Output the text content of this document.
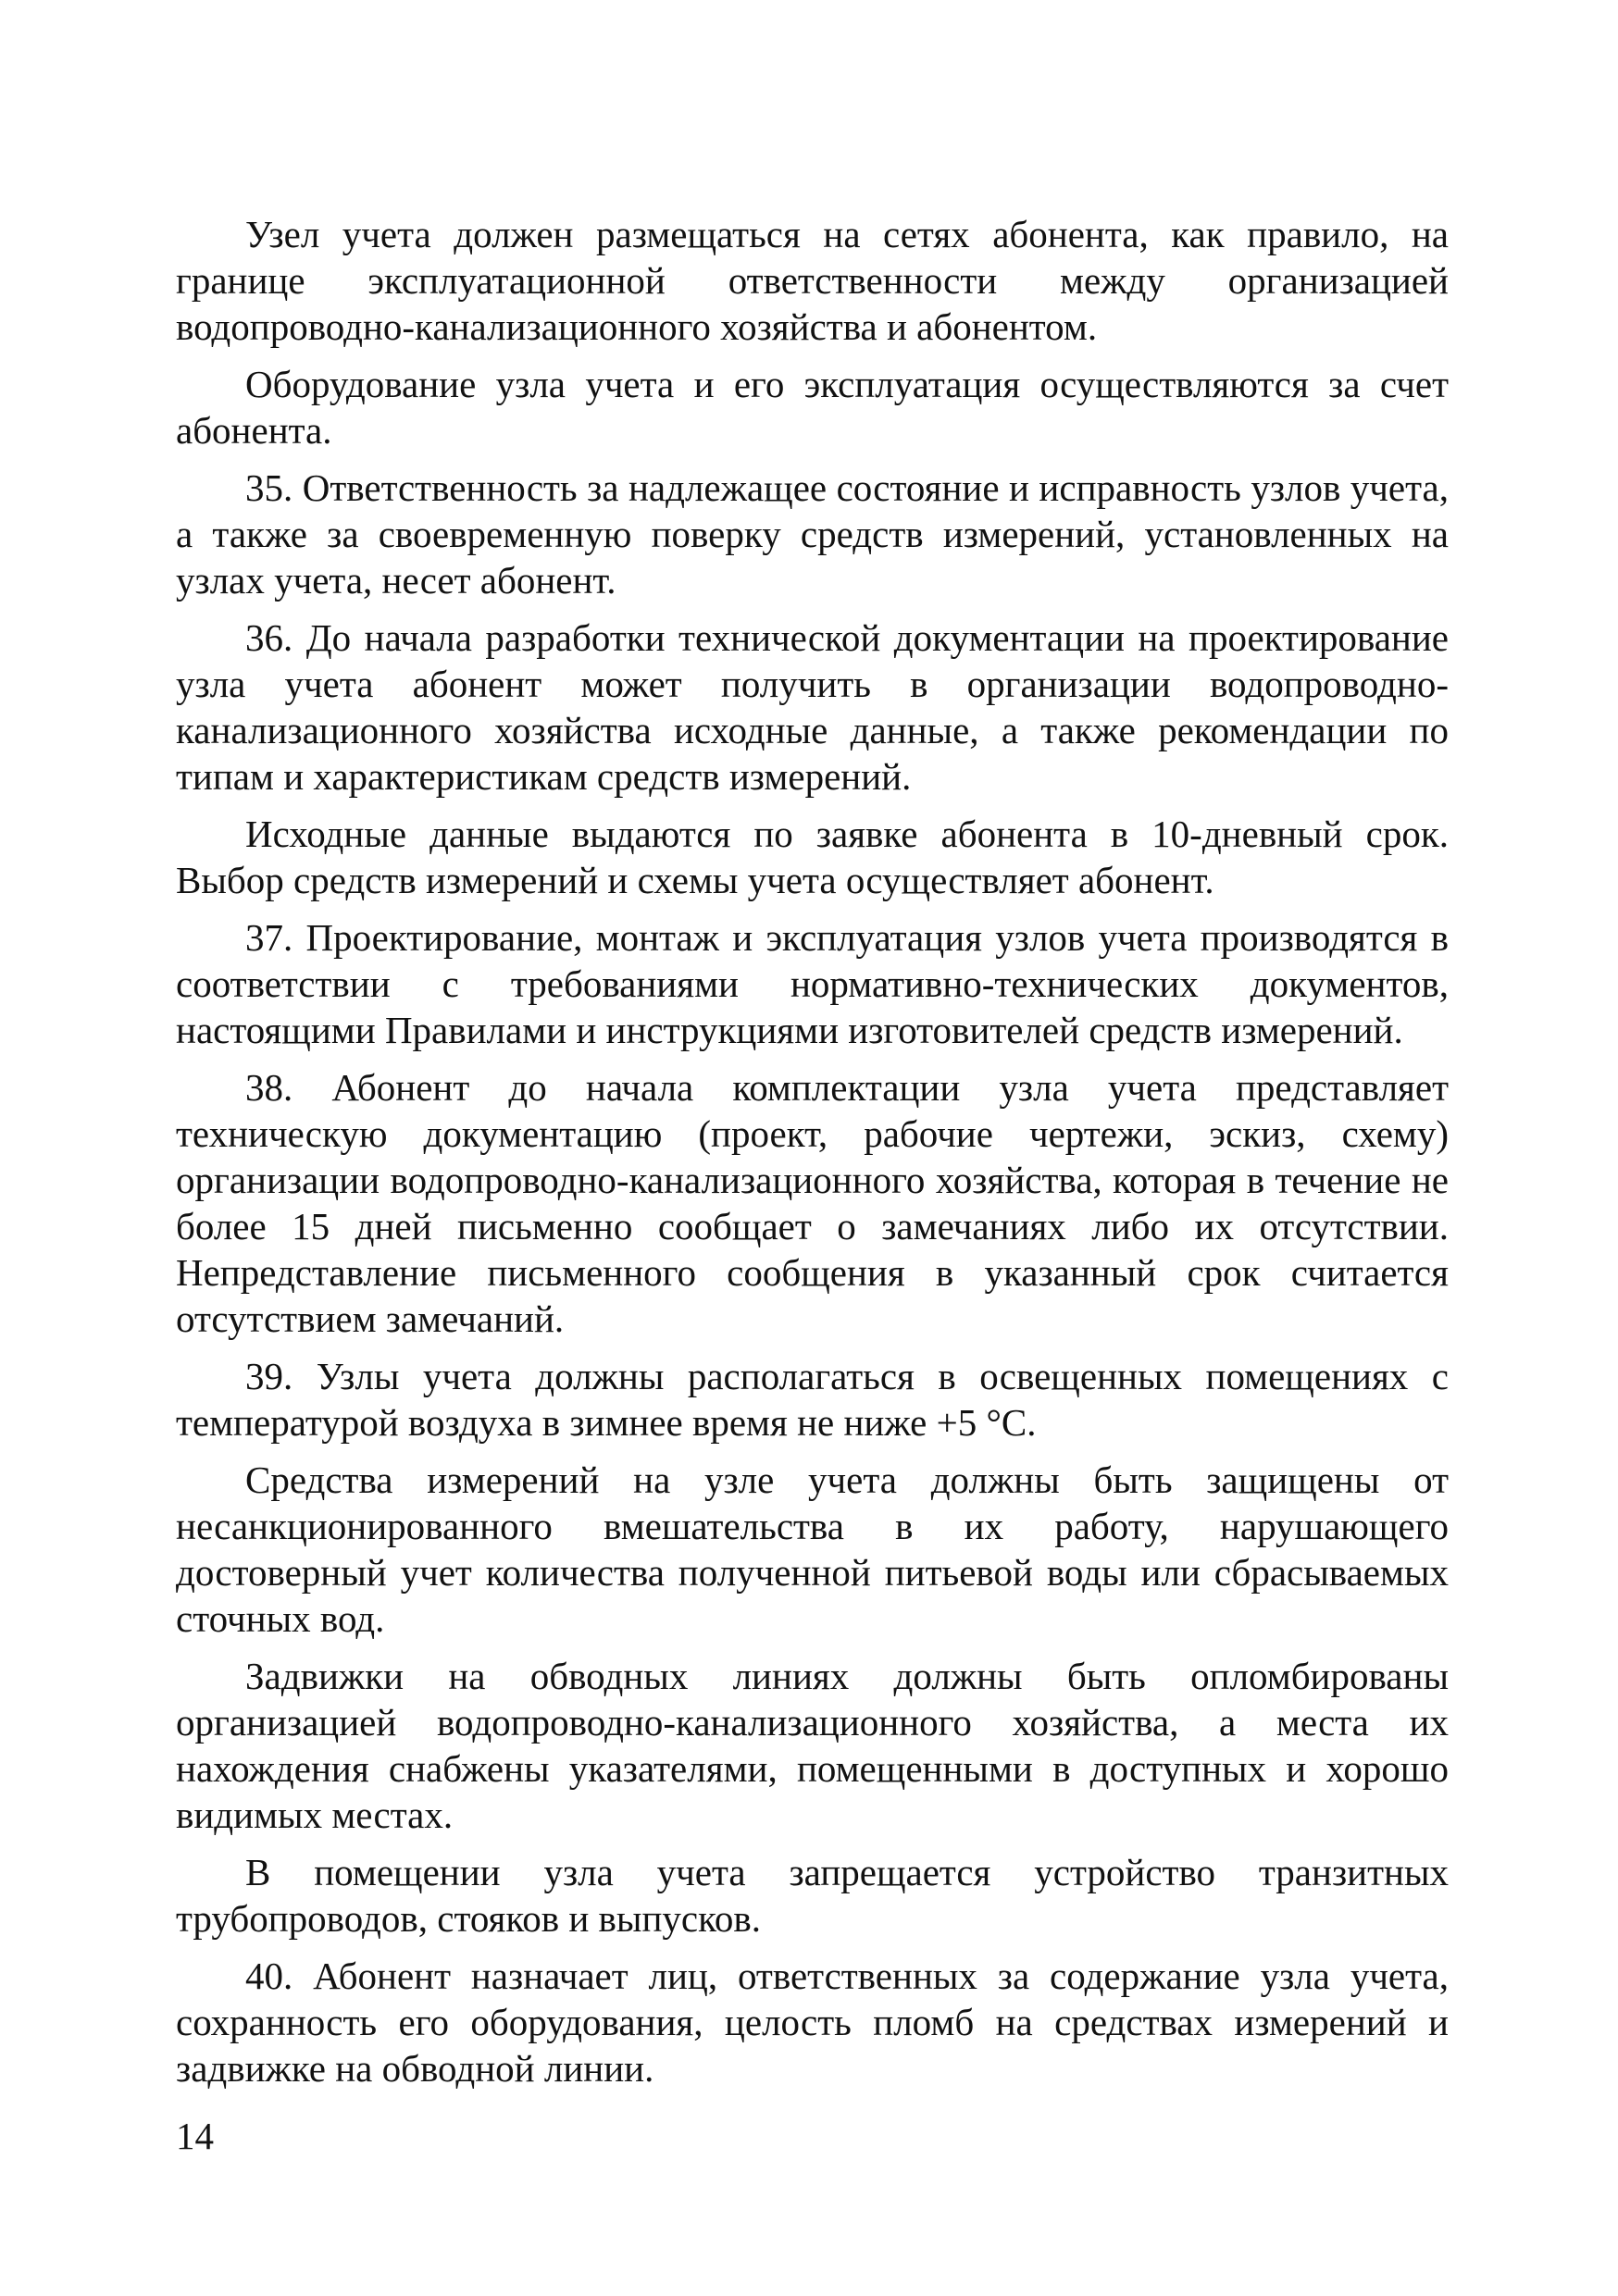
Узел учета должен размещаться на сетях абонента, как правило, на границе эксплуатационной ответственности между организацией водопроводно-канализационного хозяйства и абонентом.

Оборудование узла учета и его эксплуатация осуществляются за счет абонента.

35. Ответственность за надлежащее состояние и исправность узлов учета, а также за своевременную поверку средств измерений, установленных на узлах учета, несет абонент.

36. До начала разработки технической документации на проектирование узла учета абонент может получить в организации водопроводно-канализационного хозяйства исходные данные, а также рекомендации по типам и характеристикам средств измерений.

Исходные данные выдаются по заявке абонента в 10-дневный срок. Выбор средств измерений и схемы учета осуществляет абонент.

37. Проектирование, монтаж и эксплуатация узлов учета производятся в соответствии с требованиями нормативно-технических документов, настоящими Правилами и инструкциями изготовителей средств измерений.

38. Абонент до начала комплектации узла учета представляет техническую документацию (проект, рабочие чертежи, эскиз, схему) организации водопроводно-канализационного хозяйства, которая в течение не более 15 дней письменно сообщает о замечаниях либо их отсутствии. Непредставление письменного сообщения в указанный срок считается отсутствием замечаний.

39. Узлы учета должны располагаться в освещенных помещениях с температурой воздуха в зимнее время не ниже +5 °С.

Средства измерений на узле учета должны быть защищены от несанкционированного вмешательства в их работу, нарушающего достоверный учет количества полученной питьевой воды или сбрасываемых сточных вод.

Задвижки на обводных линиях должны быть опломбированы организацией водопроводно-канализационного хозяйства, а места их нахождения снабжены указателями, помещенными в доступных и хорошо видимых местах.

В помещении узла учета запрещается устройство транзитных трубопроводов, стояков и выпусков.

40. Абонент назначает лиц, ответственных за содержание узла учета, сохранность его оборудования, целость пломб на средствах измерений и задвижке на обводной линии.

14
